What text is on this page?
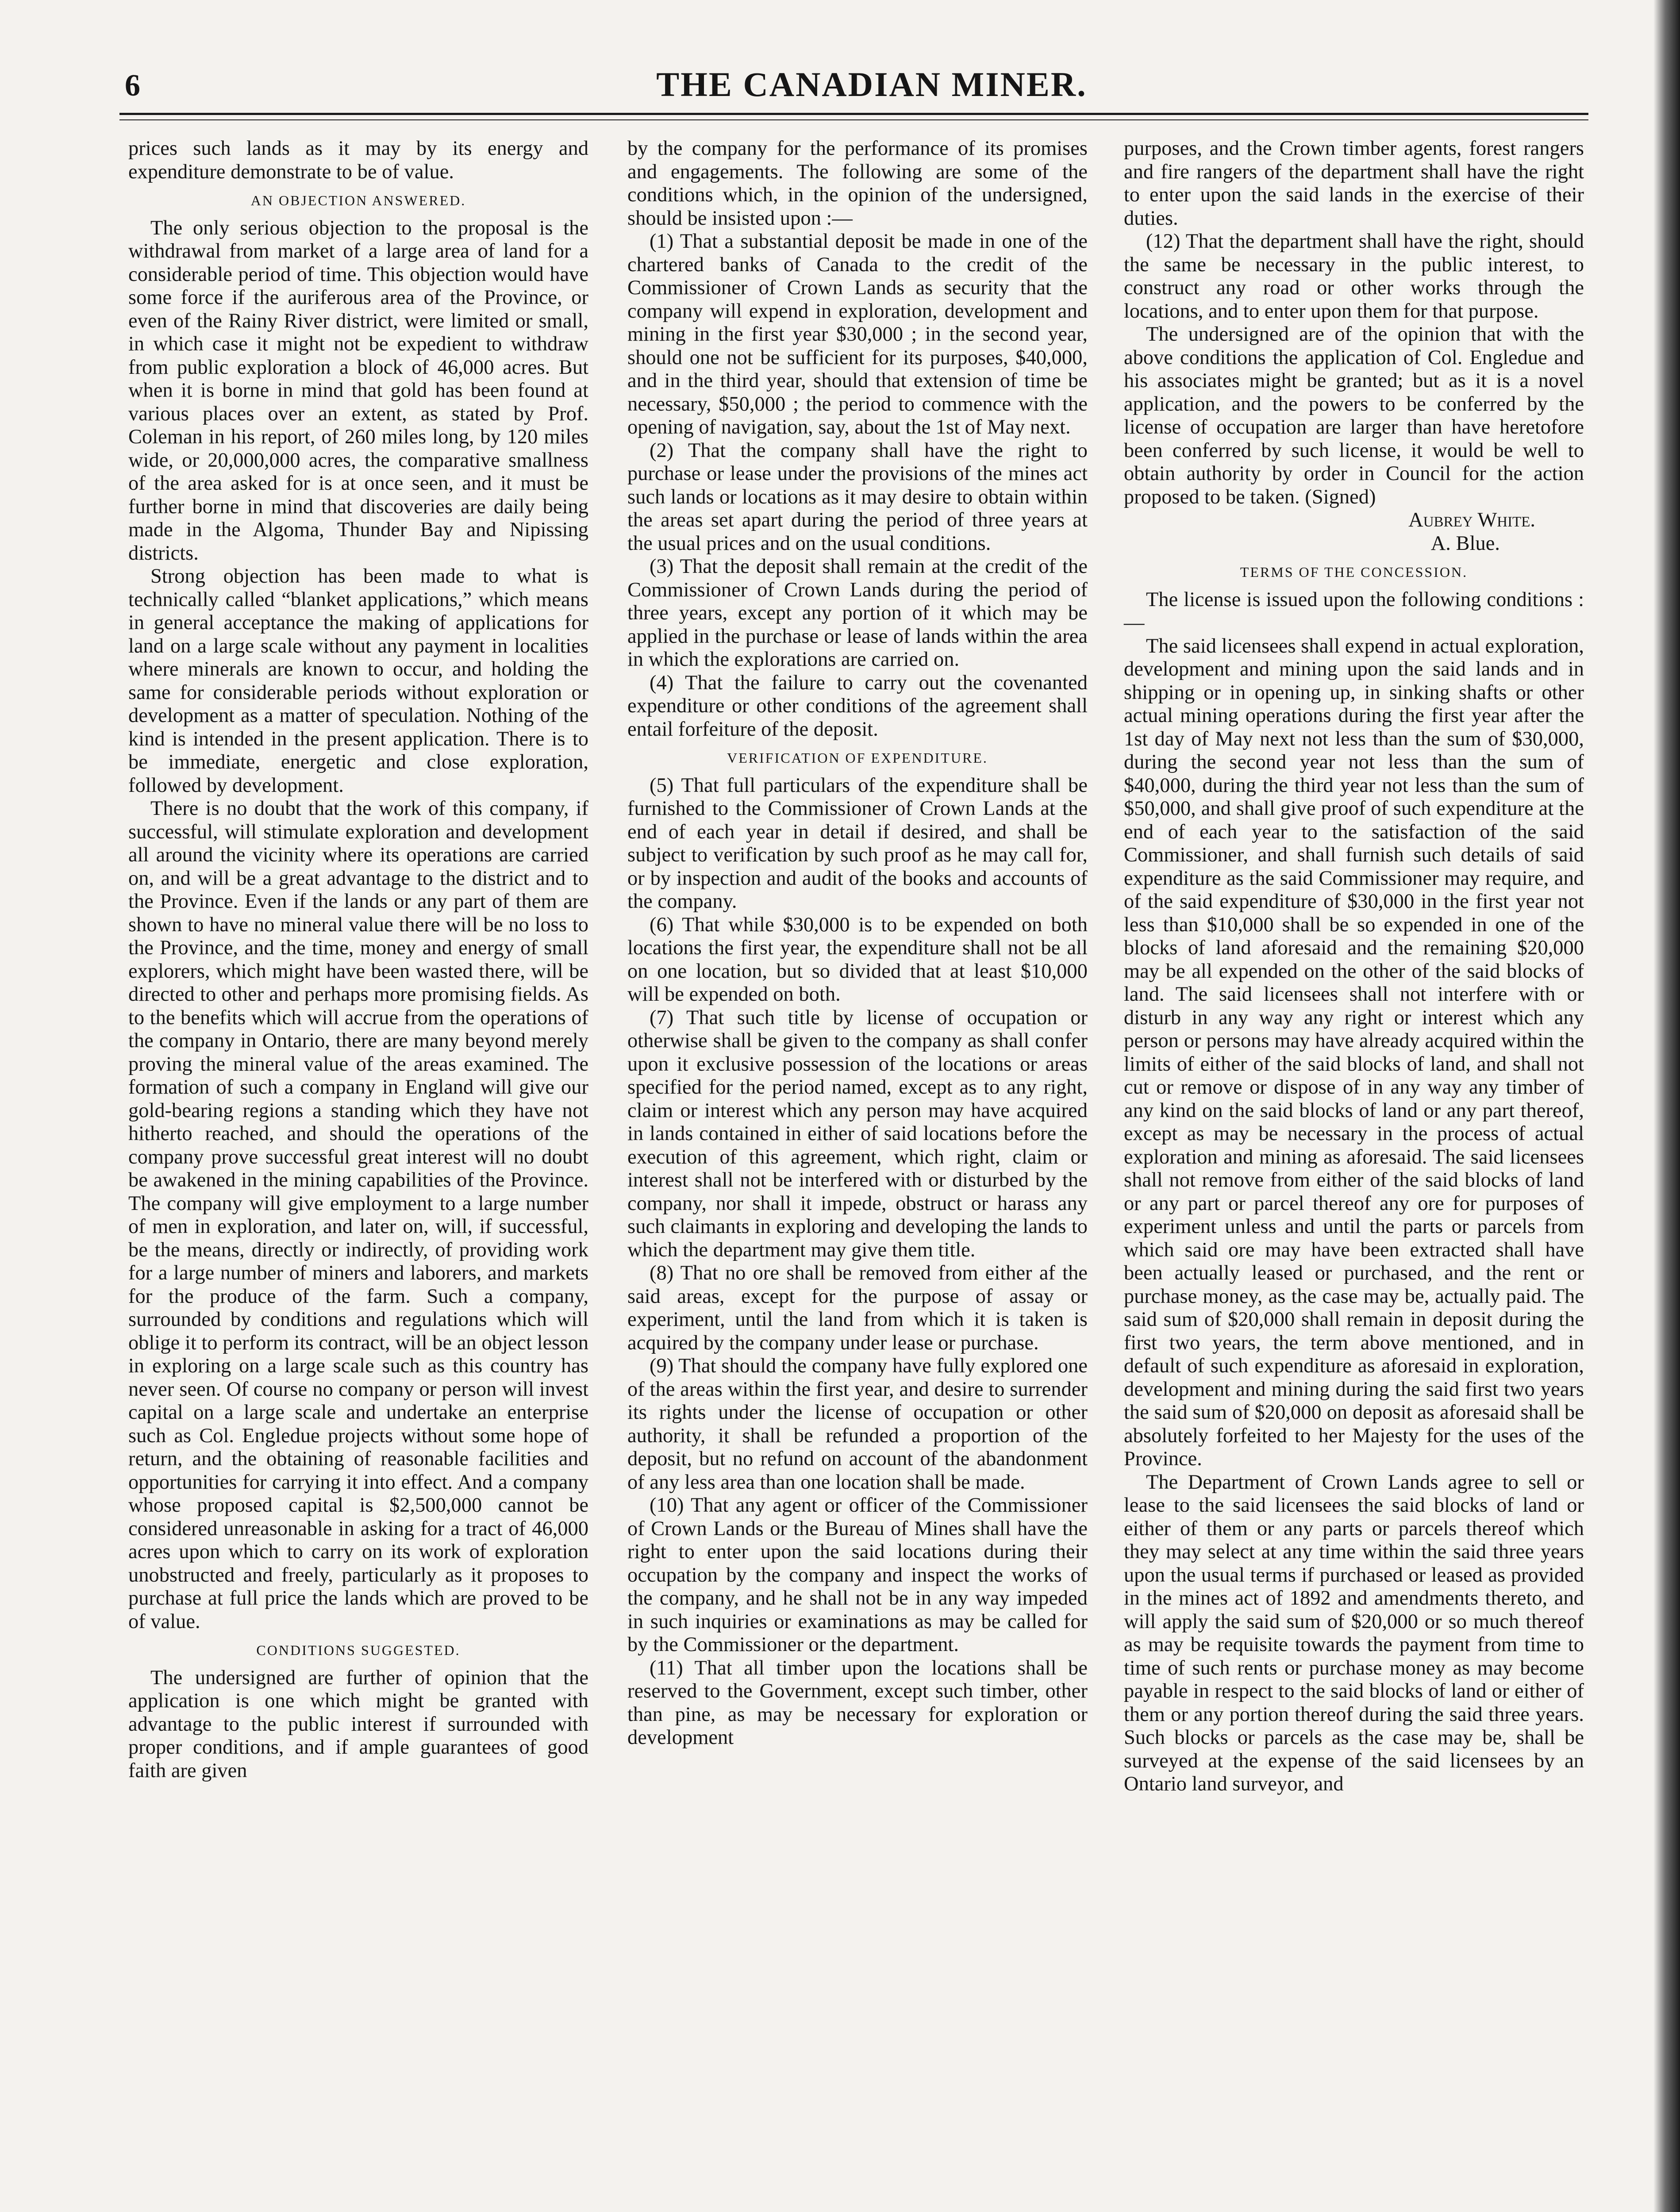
6	THE CANADIAN MINER.

prices such lands as it may by its energy and expenditure demonstrate to be of value.

AN OBJECTION ANSWERED.

The only serious objection to the proposal is the withdrawal from market of a large area of land for a considerable period of time. This objection would have some force if the auriferous area of the Province, or even of the Rainy River district, were limited or small, in which case it might not be expedient to withdraw from public exploration a block of 46,000 acres. But when it is borne in mind that gold has been found at various places over an extent, as stated by Prof. Coleman in his report, of 260 miles long, by 120 miles wide, or 20,000,000 acres, the comparative smallness of the area asked for is at once seen, and it must be further borne in mind that discoveries are daily being made in the Algoma, Thunder Bay and Nipissing districts.

Strong objection has been made to what is technically called “blanket applications,” which means in general acceptance the making of applications for land on a large scale without any payment in localities where minerals are known to occur, and holding the same for considerable periods without exploration or development as a matter of speculation. Nothing of the kind is intended in the present application. There is to be immediate, energetic and close exploration, followed by development.

There is no doubt that the work of this company, if successful, will stimulate exploration and development all around the vicinity where its operations are carried on, and will be a great advantage to the district and to the Province. Even if the lands or any part of them are shown to have no mineral value there will be no loss to the Province, and the time, money and energy of small explorers, which might have been wasted there, will be directed to other and perhaps more promising fields. As to the benefits which will accrue from the operations of the company in Ontario, there are many beyond merely proving the mineral value of the areas examined. The formation of such a company in England will give our gold-bearing regions a standing which they have not hitherto reached, and should the operations of the company prove successful great interest will no doubt be awakened in the mining capabilities of the Province. The company will give employment to a large number of men in exploration, and later on, will, if successful, be the means, directly or indirectly, of providing work for a large number of miners and laborers, and markets for the produce of the farm. Such a company, surrounded by conditions and regulations which will oblige it to perform its contract, will be an object lesson in exploring on a large scale such as this country has never seen. Of course no company or person will invest capital on a large scale and undertake an enterprise such as Col. Engledue projects without some hope of return, and the obtaining of reasonable facilities and opportunities for carrying it into effect. And a company whose proposed capital is $2,500,000 cannot be considered unreasonable in asking for a tract of 46,000 acres upon which to carry on its work of exploration unobstructed and freely, particularly as it proposes to purchase at full price the lands which are proved to be of value.

CONDITIONS SUGGESTED.

The undersigned are further of opinion that the application is one which might be granted with advantage to the public interest if surrounded with proper conditions, and if ample guarantees of good faith are given

by the company for the performance of its promises and engagements. The following are some of the conditions which, in the opinion of the undersigned, should be insisted upon :—

(1) That a substantial deposit be made in one of the chartered banks of Canada to the credit of the Commissioner of Crown Lands as security that the company will expend in exploration, development and mining in the first year $30,000 ; in the second year, should one not be sufficient for its purposes, $40,000, and in the third year, should that extension of time be necessary, $50,000 ; the period to commence with the opening of navigation, say, about the 1st of May next.

(2) That the company shall have the right to purchase or lease under the provisions of the mines act such lands or locations as it may desire to obtain within the areas set apart during the period of three years at the usual prices and on the usual conditions.

(3) That the deposit shall remain at the credit of the Commissioner of Crown Lands during the period of three years, except any portion of it which may be applied in the purchase or lease of lands within the area in which the explorations are carried on.

(4) That the failure to carry out the covenanted expenditure or other conditions of the agreement shall entail forfeiture of the deposit.

VERIFICATION OF EXPENDITURE.

(5) That full particulars of the expenditure shall be furnished to the Commissioner of Crown Lands at the end of each year in detail if desired, and shall be subject to verification by such proof as he may call for, or by inspection and audit of the books and accounts of the company.

(6) That while $30,000 is to be expended on both locations the first year, the expenditure shall not be all on one location, but so divided that at least $10,000 will be expended on both.

(7) That such title by license of occupation or otherwise shall be given to the company as shall confer upon it exclusive possession of the locations or areas specified for the period named, except as to any right, claim or interest which any person may have acquired in lands contained in either of said locations before the execution of this agreement, which right, claim or interest shall not be interfered with or disturbed by the company, nor shall it impede, obstruct or harass any such claimants in exploring and developing the lands to which the department may give them title.

(8) That no ore shall be removed from either af the said areas, except for the purpose of assay or experiment, until the land from which it is taken is acquired by the company under lease or purchase.

(9) That should the company have fully explored one of the areas within the first year, and desire to surrender its rights under the license of occupation or other authority, it shall be refunded a proportion of the deposit, but no refund on account of the abandonment of any less area than one location shall be made.

(10) That any agent or officer of the Commissioner of Crown Lands or the Bureau of Mines shall have the right to enter upon the said locations during their occupation by the company and inspect the works of the company, and he shall not be in any way impeded in such inquiries or examinations as may be called for by the Commissioner or the department.

(11) That all timber upon the locations shall be reserved to the Government, except such timber, other than pine, as may be necessary for exploration or development

purposes, and the Crown timber agents, forest rangers and fire rangers of the department shall have the right to enter upon the said lands in the exercise of their duties.

(12) That the department shall have the right, should the same be necessary in the public interest, to construct any road or other works through the locations, and to enter upon them for that purpose.

The undersigned are of the opinion that with the above conditions the application of Col. Engledue and his associates might be granted; but as it is a novel application, and the powers to be conferred by the license of occupation are larger than have heretofore been conferred by such license, it would be well to obtain authority by order in Council for the action proposed to be taken. (Signed)

Aubrey White.

A. Blue.

TERMS OF THE CONCESSION.

The license is issued upon the following conditions :—

The said licensees shall expend in actual exploration, development and mining upon the said lands and in shipping or in opening up, in sinking shafts or other actual mining operations during the first year after the 1st day of May next not less than the sum of $30,000, during the second year not less than the sum of $40,000, during the third year not less than the sum of $50,000, and shall give proof of such expenditure at the end of each year to the satisfaction of the said Commissioner, and shall furnish such details of said expenditure as the said Commissioner may require, and of the said expenditure of $30,000 in the first year not less than $10,000 shall be so expended in one of the blocks of land aforesaid and the remaining $20,000 may be all expended on the other of the said blocks of land. The said licensees shall not interfere with or disturb in any way any right or interest which any person or persons may have already acquired within the limits of either of the said blocks of land, and shall not cut or remove or dispose of in any way any timber of any kind on the said blocks of land or any part thereof, except as may be necessary in the process of actual exploration and mining as aforesaid. The said licensees shall not remove from either of the said blocks of land or any part or parcel thereof any ore for purposes of experiment unless and until the parts or parcels from which said ore may have been extracted shall have been actually leased or purchased, and the rent or purchase money, as the case may be, actually paid. The said sum of $20,000 shall remain in deposit during the first two years, the term above mentioned, and in default of such expenditure as aforesaid in exploration, development and mining during the said first two years the said sum of $20,000 on deposit as aforesaid shall be absolutely forfeited to her Majesty for the uses of the Province.

The Department of Crown Lands agree to sell or lease to the said licensees the said blocks of land or either of them or any parts or parcels thereof which they may select at any time within the said three years upon the usual terms if purchased or leased as provided in the mines act of 1892 and amendments thereto, and will apply the said sum of $20,000 or so much thereof as may be requisite towards the payment from time to time of such rents or purchase money as may become payable in respect to the said blocks of land or either of them or any portion thereof during the said three years. Such blocks or parcels as the case may be, shall be surveyed at the expense of the said licensees by an Ontario land surveyor, and
